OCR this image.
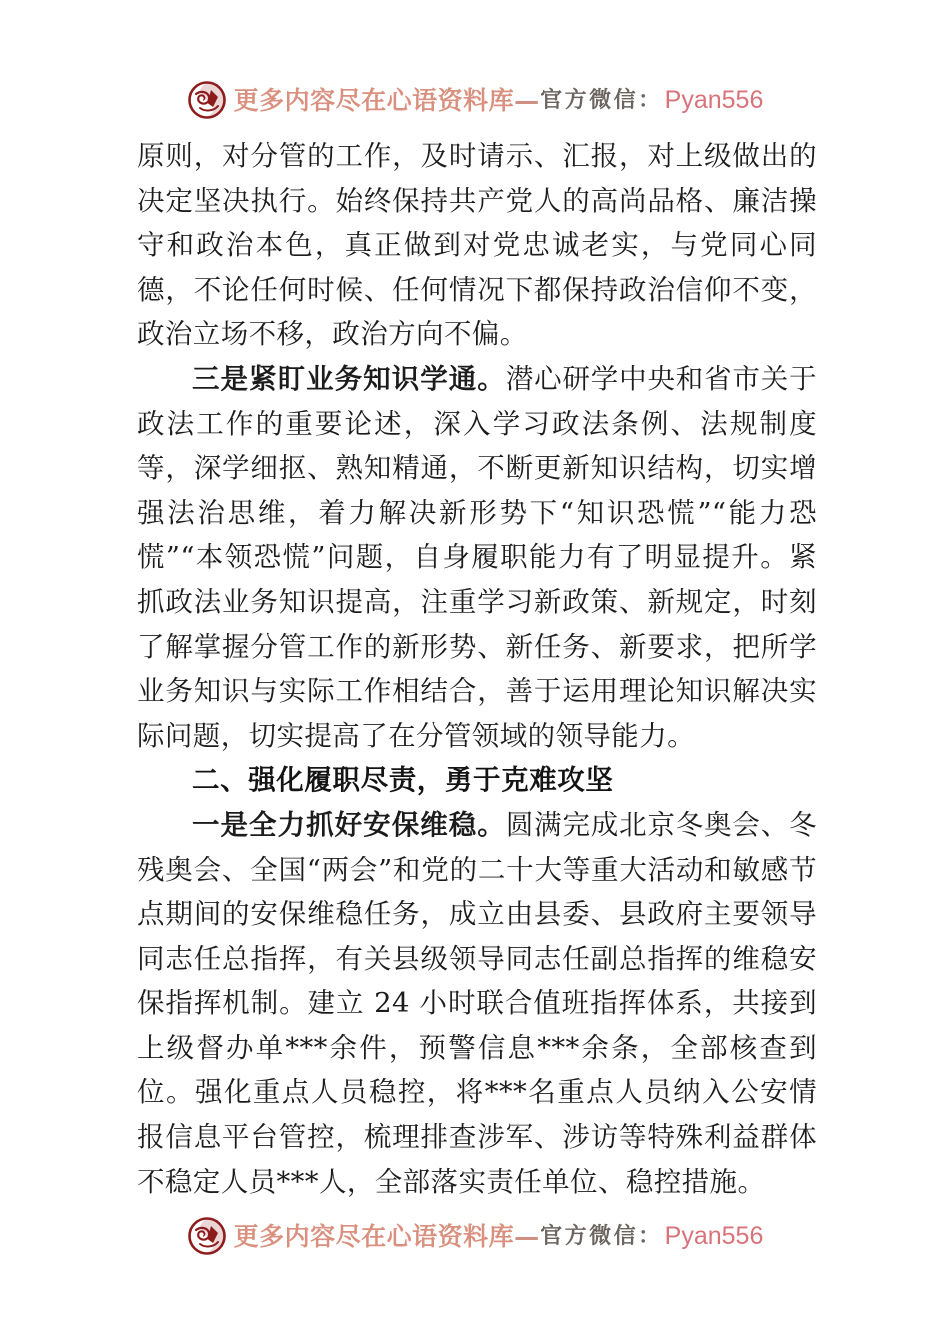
更多内容尽在心语资料库 — 官方微信： Pyan556

原则，对分管的工作，及时请示、汇报，对上级做出的决定坚决执行。始终保持共产党人的高尚品格、廉洁操守和政治本色，真正做到对党忠诚老实，与党同心同德，不论任何时候、任何情况下都保持政治信仰不变，政治立场不移，政治方向不偏。

三是紧盯业务知识学通。潜心研学中央和省市关于政法工作的重要论述，深入学习政法条例、法规制度等，深学细抠、熟知精通，不断更新知识结构，切实增强法治思维，着力解决新形势下“知识恐慌”“能力恐慌”“本领恐慌”问题，自身履职能力有了明显提升。紧抓政法业务知识提高，注重学习新政策、新规定，时刻了解掌握分管工作的新形势、新任务、新要求，把所学业务知识与实际工作相结合，善于运用理论知识解决实际问题，切实提高了在分管领域的领导能力。

二、强化履职尽责，勇于克难攻坚

一是全力抓好安保维稳。圆满完成北京冬奥会、冬残奥会、全国“两会”和党的二十大等重大活动和敏感节点期间的安保维稳任务，成立由县委、县政府主要领导同志任总指挥，有关县级领导同志任副总指挥的维稳安保指挥机制。建立 24 小时联合值班指挥体系，共接到上级督办单***余件，预警信息***余条，全部核查到位。强化重点人员稳控，将***名重点人员纳入公安情报信息平台管控，梳理排查涉军、涉访等特殊利益群体不稳定人员***人，全部落实责任单位、稳控措施。

更多内容尽在心语资料库 — 官方微信： Pyan556
